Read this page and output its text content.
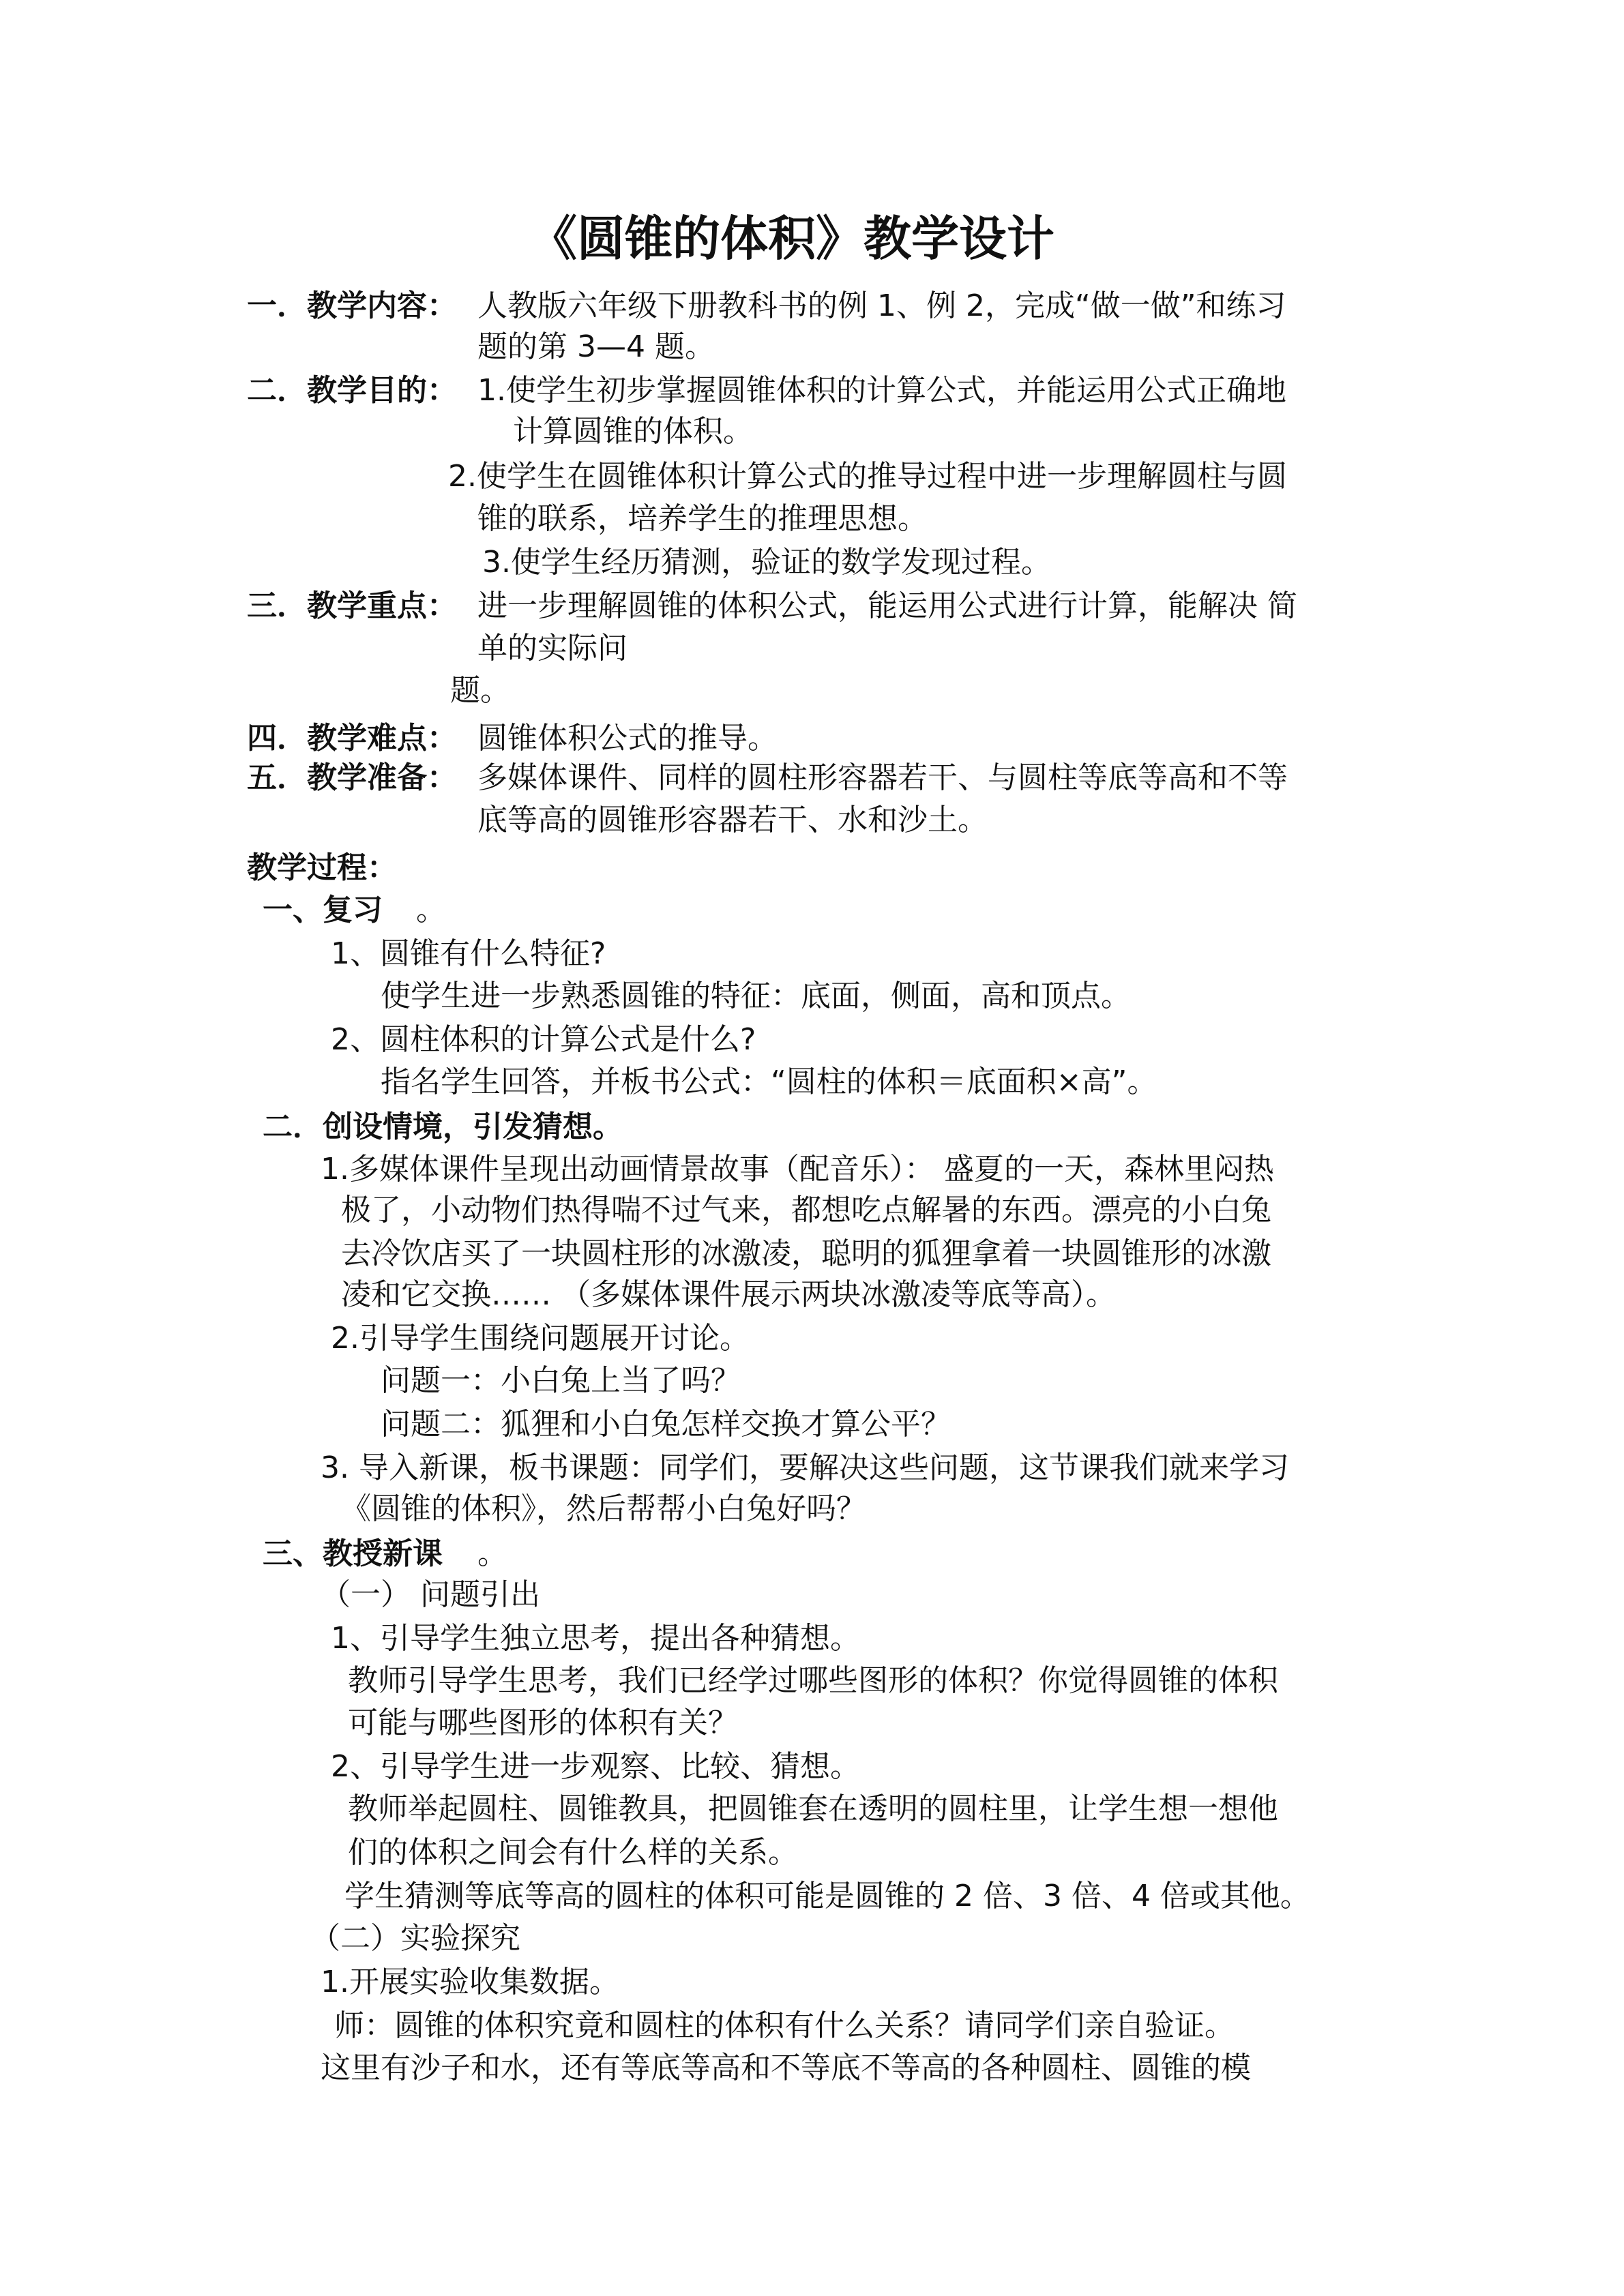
《圆锥的体积》教学设计
一．教学内容： 人教版六年级下册教科书的例 1、例 2，完成“做一做”和练习
题的第 3—4 题。
二．教学目的： 1.使学生初步掌握圆锥体积的计算公式，并能运用公式正确地
计算圆锥的体积。
2.使学生在圆锥体积计算公式的推导过程中进一步理解圆柱与圆
锥的联系，培养学生的推理思想。
3.使学生经历猜测，验证的数学发现过程。
三．教学重点： 进一步理解圆锥的体积公式，能运用公式进行计算，能解决 简
单的实际问
题。
四．教学难点： 圆锥体积公式的推导。
五．教学准备： 多媒体课件、同样的圆柱形容器若干、与圆柱等底等高和不等
底等高的圆锥形容器若干、水和沙土。
教学过程：
一、复习 。
1、圆锥有什么特征?
使学生进一步熟悉圆锥的特征：底面，侧面，高和顶点。
2、圆柱体积的计算公式是什么?
指名学生回答，并板书公式：“圆柱的体积＝底面积×高”。
二．创设情境，引发猜想。
1.多媒体课件呈现出动画情景故事（配音乐）： 盛夏的一天，森林里闷热
极了，小动物们热得喘不过气来，都想吃点解暑的东西。漂亮的小白兔
去冷饮店买了一块圆柱形的冰激凌，聪明的狐狸拿着一块圆锥形的冰激
凌和它交换…… （多媒体课件展示两块冰激凌等底等高）。
2.引导学生围绕问题展开讨论。
问题一：小白兔上当了吗？
问题二：狐狸和小白兔怎样交换才算公平？
3. 导入新课，板书课题：同学们，要解决这些问题，这节课我们就来学习
《圆锥的体积》，然后帮帮小白兔好吗？
三、教授新课 。
（一） 问题引出
1、引导学生独立思考，提出各种猜想。
教师引导学生思考，我们已经学过哪些图形的体积？你觉得圆锥的体积
可能与哪些图形的体积有关？
2、引导学生进一步观察、比较、猜想。
教师举起圆柱、圆锥教具，把圆锥套在透明的圆柱里，让学生想一想他
们的体积之间会有什么样的关系。
学生猜测等底等高的圆柱的体积可能是圆锥的 2 倍、3 倍、4 倍或其他。
（二）实验探究
1.开展实验收集数据。
师：圆锥的体积究竟和圆柱的体积有什么关系？请同学们亲自验证。
这里有沙子和水，还有等底等高和不等底不等高的各种圆柱、圆锥的模
